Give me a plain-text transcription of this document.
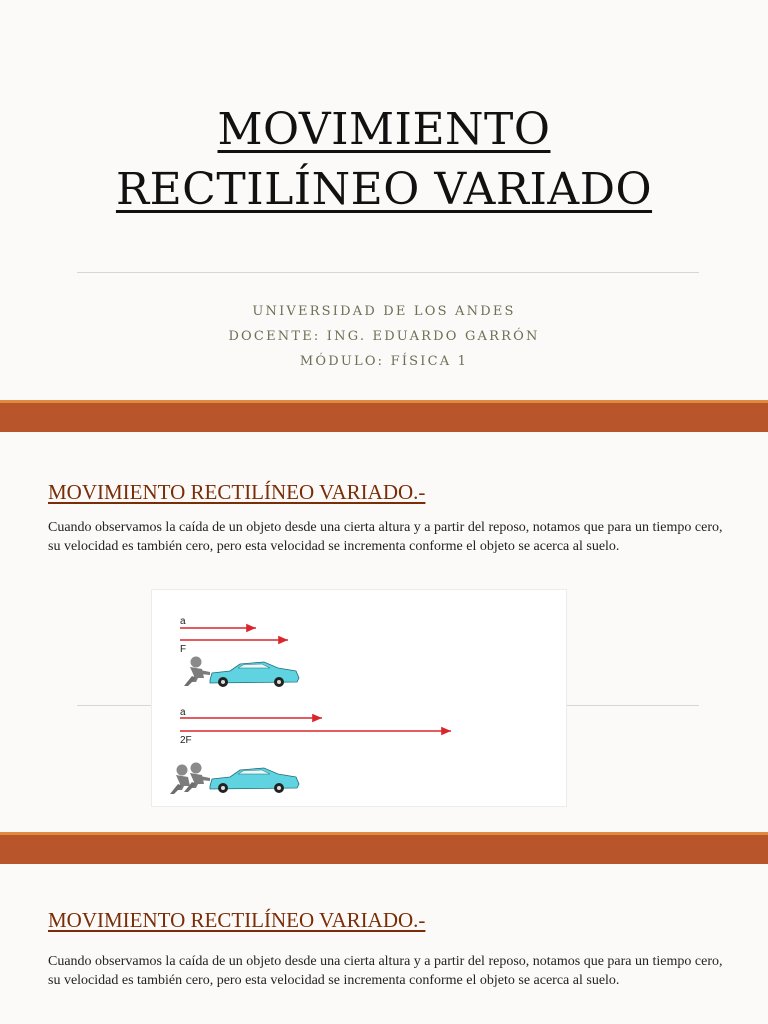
MOVIMIENTO
RECTILÍNEO VARIADO

UNIVERSIDAD DE LOS ANDES

DOCENTE: ING. EDUARDO GARRÓN

MÓDULO: FÍSICA 1

MOVIMIENTO RECTILÍNEO VARIADO.-

Cuando observamos la caída de un objeto desde una cierta altura y a partir del reposo, notamos que para un tiempo cero, su velocidad es también cero, pero esta velocidad se incrementa conforme el objeto se acerca al suelo.

a
F
a
2F
MOVIMIENTO RECTILÍNEO VARIADO.-

Cuando observamos la caída de un objeto desde una cierta altura y a partir del reposo, notamos que para un tiempo cero, su velocidad es también cero, pero esta velocidad se incrementa conforme el objeto se acerca al suelo.
